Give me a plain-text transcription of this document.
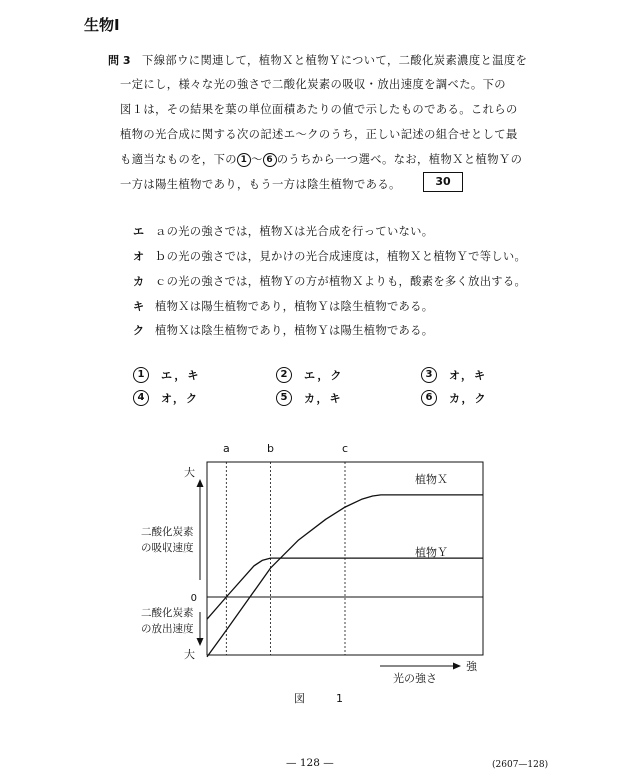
生物Ⅰ
問 3 下線部ウに関連して，植物Ｘと植物Ｙについて，二酸化炭素濃度と温度を
一定にし，様々な光の強さで二酸化炭素の吸収・放出速度を調べた。下の
図１は，その結果を葉の単位面積あたりの値で示したものである。これらの
植物の光合成に関する次の記述エ〜クのうち，正しい記述の組合せとして最
も適当なものを，下の 1 〜 6 のうちから一つ選べ。なお，植物Ｘと植物Ｙの
一方は陽生植物であり，もう一方は陰生植物である。	30
エ ａの光の強さでは，植物Ｘは光合成を行っていない。
オ ｂの光の強さでは，見かけの光合成速度は，植物Ｘと植物Ｙで等しい。
カ ｃの光の強さでは，植物Ｙの方が植物Ｘよりも，酸素を多く放出する。
キ 植物Ｘは陽生植物であり，植物Ｙは陰生植物である。
ク 植物Ｘは陰生植物であり，植物Ｙは陽生植物である。
1 エ，キ	2 エ，ク	3 オ，キ
4 オ，ク	5 カ，キ	6 カ，ク
a	b	c
大
大
0
二酸化炭素
の吸収速度
二酸化炭素
の放出速度
強
光の強さ
植物Ｘ
植物Ｙ
図　1
— 128 —	(2607—128)
